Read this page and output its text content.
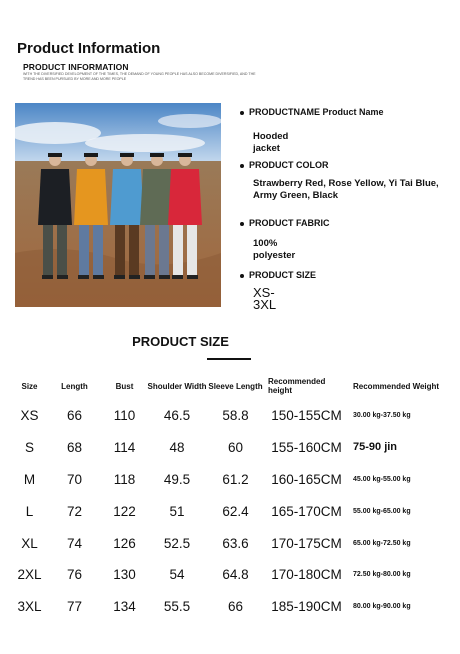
Product Information
PRODUCT INFORMATION
WITH THE DIVERSIFIED DEVELOPMENT OF THE TIMES, THE DEMAND OF YOUNG PEOPLE HAS ALSO BECOME DIVERSIFIED, AND THE
TREND HAS BEEN PURSUED BY MORE AND MORE PEOPLE
PRODUCTNAME Product Name
Hooded jacket
PRODUCT COLOR
Strawberry Red, Rose Yellow, Yi Tai Blue, Army Green, Black
PRODUCT FABRIC
100% polyester
PRODUCT SIZE
XS-3XL
PRODUCT SIZE
Size	Length	Bust	Shoulder Width	Sleeve Length	Recommended height	Recommended Weight
XS	66	110	46.5	58.8	150-155CM	30.00 kg-37.50 kg
S	68	114	48	60	155-160CM	75-90 jin
M	70	118	49.5	61.2	160-165CM	45.00 kg-55.00 kg
L	72	122	51	62.4	165-170CM	55.00 kg-65.00 kg
XL	74	126	52.5	63.6	170-175CM	65.00 kg-72.50 kg
2XL	76	130	54	64.8	170-180CM	72.50 kg-80.00 kg
3XL	77	134	55.5	66	185-190CM	80.00 kg-90.00 kg
